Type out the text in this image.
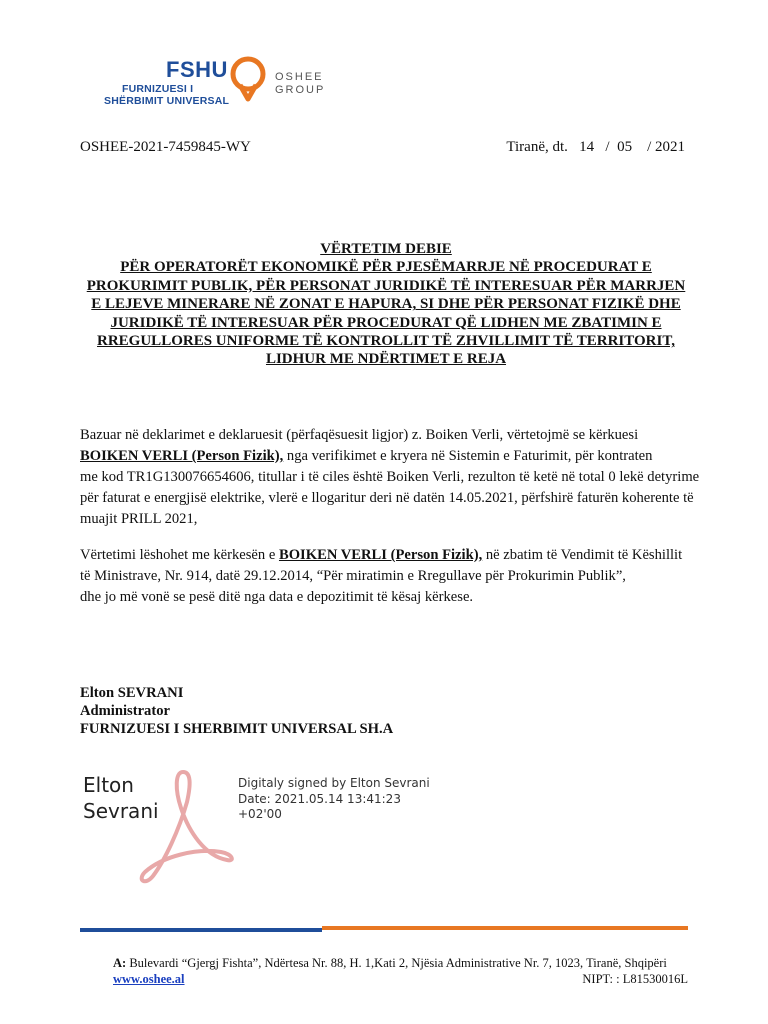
FSHU
FURNIZUESI I
SHËRBIMIT UNIVERSAL
OSHEE
GROUP
OSHEE-2021-7459845-WY	Tiranë, dt.   14   /  05    / 2021
VËRTETIM DEBIE
PËR OPERATORËT EKONOMIKË PËR PJESËMARRJE NË PROCEDURAT E
PROKURIMIT PUBLIK, PËR PERSONAT JURIDIKË TË INTERESUAR PËR MARRJEN
E LEJEVE MINERARE NË ZONAT E HAPURA, SI DHE PËR PERSONAT FIZIKË DHE
JURIDIKË TË INTERESUAR PËR PROCEDURAT QË LIDHEN ME ZBATIMIN E
RREGULLORES UNIFORME TË KONTROLLIT TË ZHVILLIMIT TË TERRITORIT,
LIDHUR ME NDËRTIMET E REJA
Bazuar në deklarimet e deklaruesit (përfaqësuesit ligjor) z. Boiken Verli, vërtetojmë se kërkuesi
BOIKEN VERLI (Person Fizik), nga verifikimet e kryera në Sistemin e Faturimit, për kontraten
me kod TR1G130076654606, titullar i të ciles është Boiken Verli, rezulton të ketë në total 0 lekë detyrime
për faturat e energjisë elektrike, vlerë e llogaritur deri në datën 14.05.2021, përfshirë faturën koherente të
muajit PRILL 2021,
Vërtetimi lëshohet me kërkesën e BOIKEN VERLI (Person Fizik), në zbatim të Vendimit të Këshillit
të Ministrave, Nr. 914, datë 29.12.2014, “Për miratimin e Rregullave për Prokurimin Publik”,
dhe jo më vonë se pesë ditë nga data e depozitimit të kësaj kërkese.
Elton SEVRANI
Administrator
FURNIZUESI I SHERBIMIT UNIVERSAL SH.A
Elton
Sevrani
Digitaly signed by Elton Sevrani
Date: 2021.05.14 13:41:23
+02'00
A: Bulevardi “Gjergj Fishta”, Ndërtesa Nr. 88, H. 1,Kati 2, Njësia Administrative Nr. 7, 1023, Tiranë, Shqipëri
www.oshee.al	NIPT: : L81530016L
